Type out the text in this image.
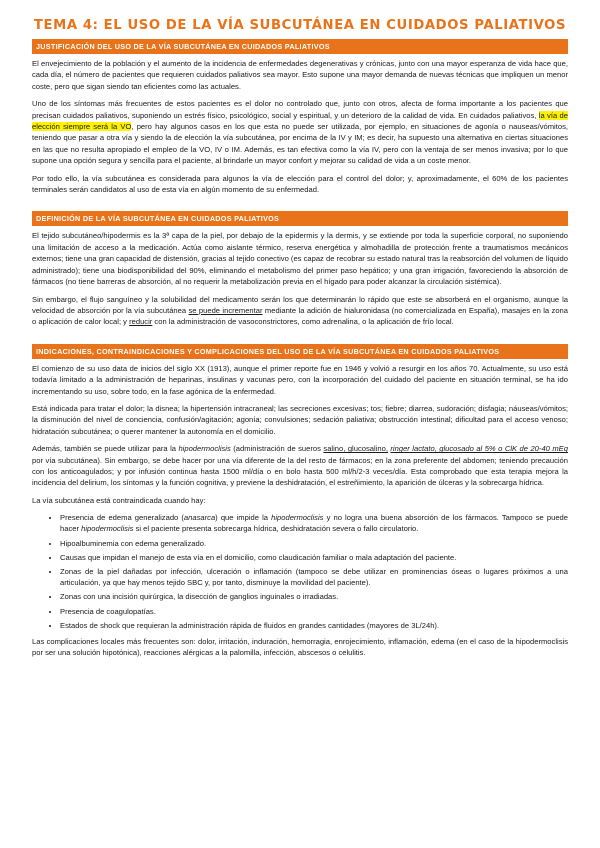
TEMA 4: EL USO DE LA VÍA SUBCUTÁNEA EN CUIDADOS PALIATIVOS
JUSTIFICACIÓN DEL USO DE LA VÍA SUBCUTÁNEA EN CUIDADOS PALIATIVOS

El envejecimiento de la población y el aumento de la incidencia de enfermedades degenerativas y crónicas, junto con una mayor esperanza de vida hace que, cada día, el número de pacientes que requieren cuidados paliativos sea mayor. Esto supone una mayor demanda de nuevas técnicas que impliquen un menor coste, pero que sigan siendo tan eficientes como las actuales.

Uno de los síntomas más frecuentes de estos pacientes es el dolor no controlado que, junto con otros, afecta de forma importante a los pacientes que precisan cuidados paliativos, suponiendo un estrés físico, psicológico, social y espiritual, y un deterioro de la calidad de vida. En cuidados paliativos, la vía de elección siempre será la VO, pero hay algunos casos en los que esta no puede ser utilizada, por ejemplo, en situaciones de agonía o nauseas/vómitos, teniendo que pasar a otra vía y siendo la de elección la vía subcutánea, por encima de la IV y IM; es decir, ha supuesto una alternativa en ciertas situaciones en las que no resulta apropiado el empleo de la VO, IV o IM. Además, es tan efectiva como la vía IV, pero con la ventaja de ser menos invasiva; por lo que supone una opción segura y sencilla para el paciente, al brindarle un mayor confort y mejorar su calidad de vida a un coste menor.

Por todo ello, la vía subcutánea es considerada para algunos la vía de elección para el control del dolor; y, aproximadamente, el 60% de los pacientes terminales serán candidatos al uso de esta vía en algún momento de su enfermedad.

DEFINICIÓN DE LA VÍA SUBCUTÁNEA EN CUIDADOS PALIATIVOS

El tejido subcutáneo/hipodermis es la 3ª capa de la piel, por debajo de la epidermis y la dermis, y se extiende por toda la superficie corporal, no suponiendo una limitación de acceso a la medicación. Actúa como aislante térmico, reserva energética y almohadilla de protección frente a traumatismos mecánicos externos; tiene una gran capacidad de distensión, gracias al tejido conectivo (es capaz de recobrar su estado natural tras la reabsorción del volumen de líquido administrado); tiene una biodisponibilidad del 90%, eliminando el metabolismo del primer paso hepático; y una gran irrigación, favoreciendo la absorción de fármacos (no tiene barreras de absorción, al no requerir la metabolización previa en el hígado para poder alcanzar la circulación sistémica).

Sin embargo, el flujo sanguíneo y la solubilidad del medicamento serán los que determinarán lo rápido que este se absorberá en el organismo, aunque la velocidad de absorción por la vía subcutánea se puede incrementar mediante la adición de hialuronidasa (no comercializada en España), masajes en la zona o aplicación de calor local; y reducir con la administración de vasoconstrictores, como adrenalina, o la aplicación de frío local.

INDICACIONES, CONTRAINDICACIONES Y COMPLICACIONES DEL USO DE LA VÍA SUBCUTÁNEA EN CUIDADOS PALIATIVOS

El comienzo de su uso data de inicios del siglo XX (1913), aunque el primer reporte fue en 1946 y volvió a resurgir en los años 70. Actualmente, su uso está todavía limitado a la administración de heparinas, insulinas y vacunas pero, con la incorporación del cuidado del paciente en situación terminal, se ha ido incrementando su uso, sobre todo, en la fase agónica de la enfermedad.

Está indicada para tratar el dolor; la disnea; la hipertensión intracraneal; las secreciones excesivas; tos; fiebre; diarrea, sudoración; disfagia; náuseas/vómitos; la disminución del nivel de conciencia, confusión/agitación; agonía; convulsiones; sedación paliativa; obstrucción intestinal; dificultad para el acceso venoso; hidratación subcutánea; o querer mantener la autonomía en el domicilio.

Además, también se puede utilizar para la hipodermoclisis (administración de sueros salino, glucosalino, ringer lactato, glucosado al 5% o ClK de 20-40 mEq por vía subcutánea). Sin embargo, se debe hacer por una vía diferente de la del resto de fármacos; en la zona preferente del abdomen; teniendo precaución con los anticoagulados; y por infusión continua hasta 1500 ml/día o en bolo hasta 500 ml/h/2-3 veces/día. Esta comprobado que esta terapia mejora la incidencia del delirium, los síntomas y la función cognitiva, y previene la deshidratación, el estreñimiento, la aparición de úlceras y la sobrecarga hídrica.

La vía subcutánea está contraindicada cuando hay:

• Presencia de edema generalizado (anasarca) que impide la hipodermoclisis y no logra una buena absorción de los fármacos. Tampoco se puede hacer hipodermoclisis si el paciente presenta sobrecarga hídrica, deshidratación severa o fallo circulatorio.
• Hipoalbuminemia con edema generalizado.
• Causas que impidan el manejo de esta vía en el domicilio, como claudicación familiar o mala adaptación del paciente.
• Zonas de la piel dañadas por infección, ulceración o inflamación (tampoco se debe utilizar en prominencias óseas o lugares próximos a una articulación, ya que hay menos tejido SBC y, por tanto, disminuye la movilidad del paciente).
• Zonas con una incisión quirúrgica, la disección de ganglios inguinales o irradiadas.
• Presencia de coagulopatías.
• Estados de shock que requieran la administración rápida de fluidos en grandes cantidades (mayores de 3L/24h).

Las complicaciones locales más frecuentes son: dolor, irritación, induración, hemorragia, enrojecimiento, inflamación, edema (en el caso de la hipodermoclisis por ser una solución hipotónica), reacciones alérgicas a la palomilla, infección, abscesos o celulitis.
